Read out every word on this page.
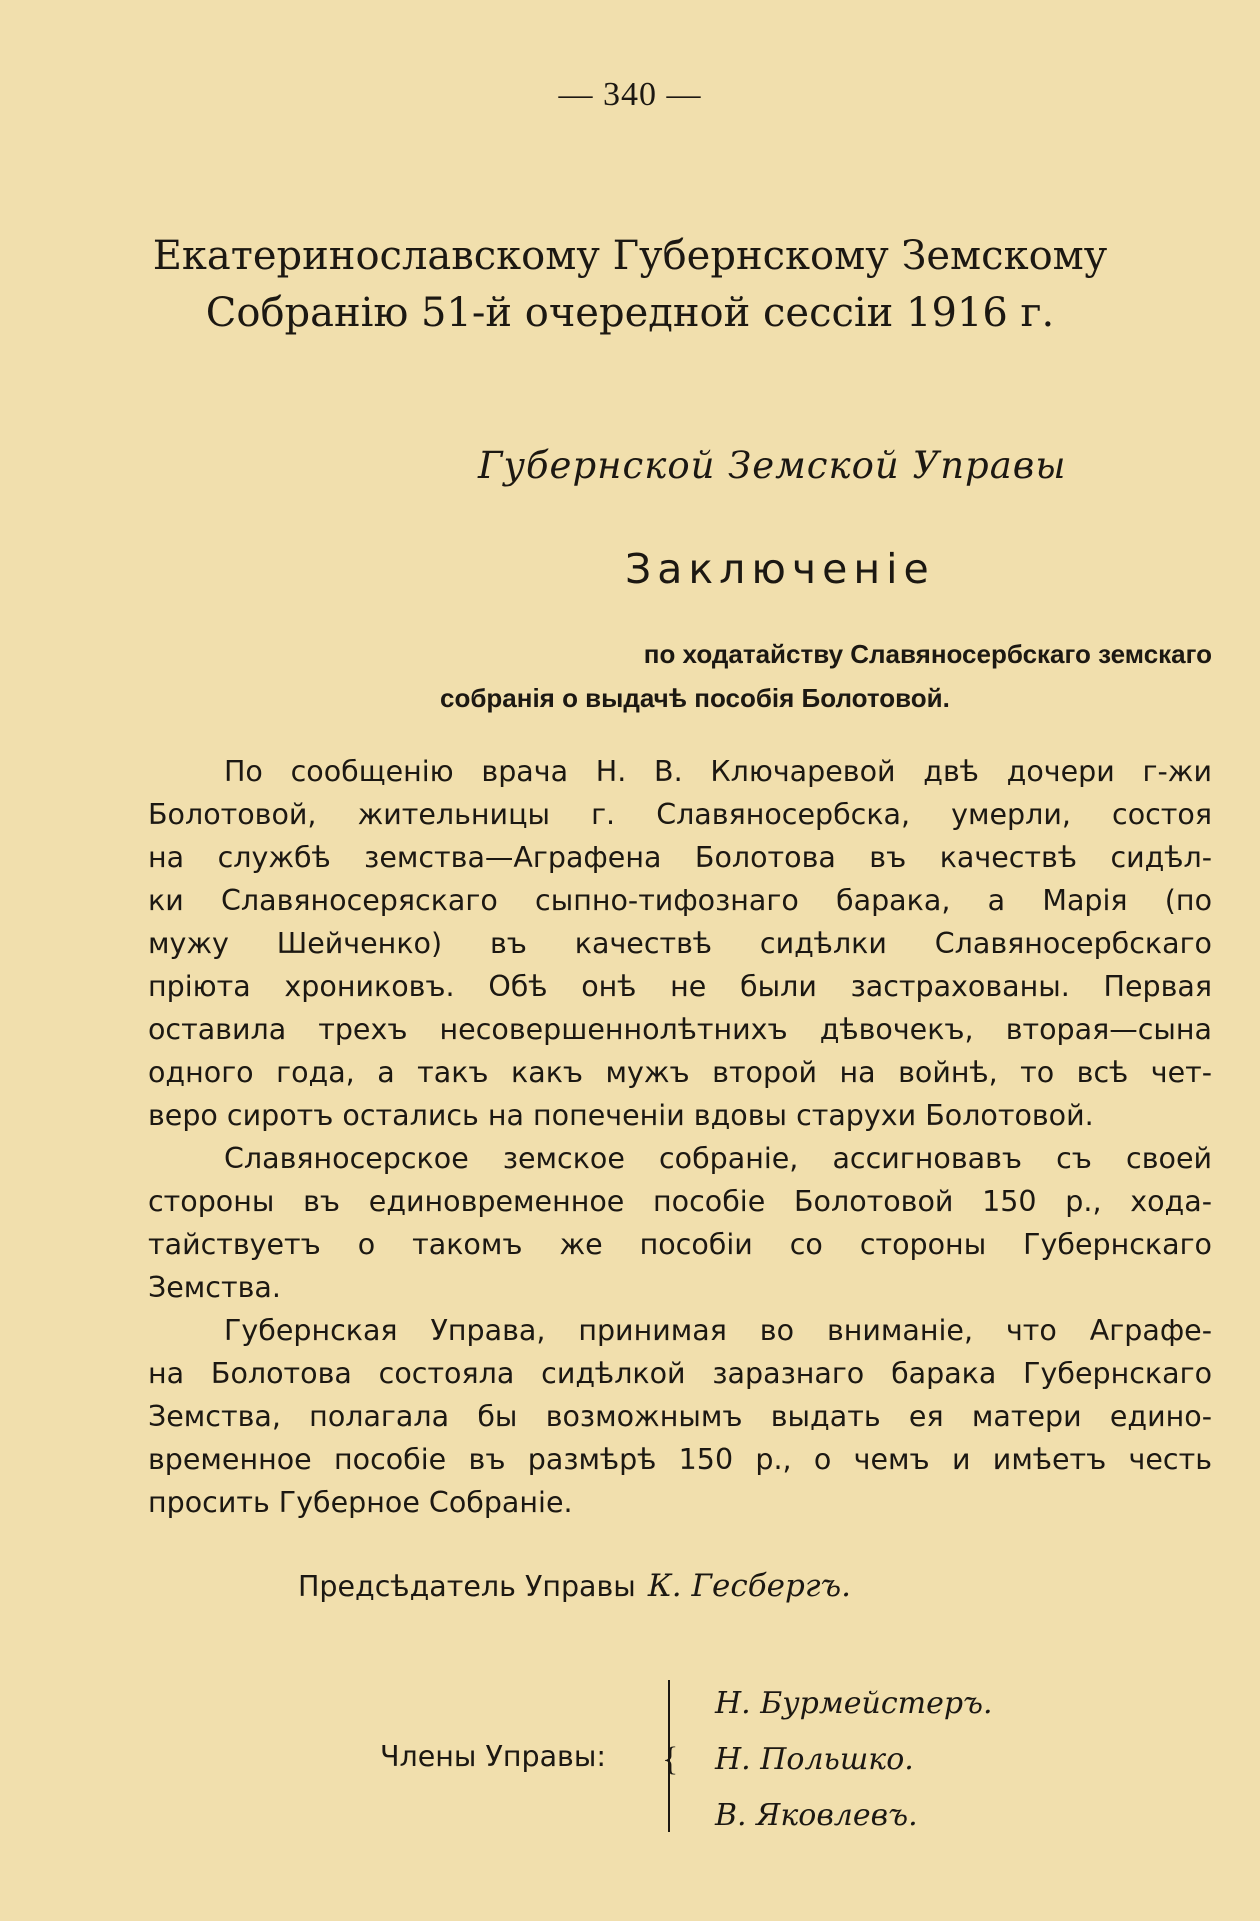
— 340 —
Екатеринославскому Губернскому Земскому
Собранію 51-й очередной сессіи 1916 г.
Губернской Земской Управы
Заключеніе
по ходатайству Славяносербскаго земскаго
собранія о выдачѣ пособія Болотовой.
По сообщенію врача Н. В. Ключаревой двѣ дочери г-жи
Болотовой, жительницы г. Славяносербска, умерли, состоя
на службѣ земства—Аграфена Болотова въ качествѣ сидѣл-
ки Славяносеряскаго сыпно-тифознаго барака, а Марія (по
мужу Шейченко) въ качествѣ сидѣлки Славяносербскаго
пріюта хрониковъ. Обѣ онѣ не были застрахованы. Первая
оставила трехъ несовершеннолѣтнихъ дѣвочекъ, вторая—сына
одного года, а такъ какъ мужъ второй на войнѣ, то всѣ чет-
веро сиротъ остались на попеченіи вдовы старухи Болотовой.
Славяносерское земское собраніе, ассигновавъ съ своей
стороны въ единовременное пособіе Болотовой 150 р., хода-
тайствуетъ о такомъ же пособіи со стороны Губернскаго
Земства.
Губернская Управа, принимая во вниманіе, что Аграфе-
на Болотова состояла сидѣлкой заразнаго барака Губернскаго
Земства, полагала бы возможнымъ выдать ея матери едино-
временное пособіе въ размѣрѣ 150 р., о чемъ и имѣетъ честь
просить Губерное Собраніе.
Предсѣдатель Управы К. Гесбергъ.
Члены Управы: {
Н. Бурмейстеръ.
Н. Польшко.
В. Яковлевъ.
